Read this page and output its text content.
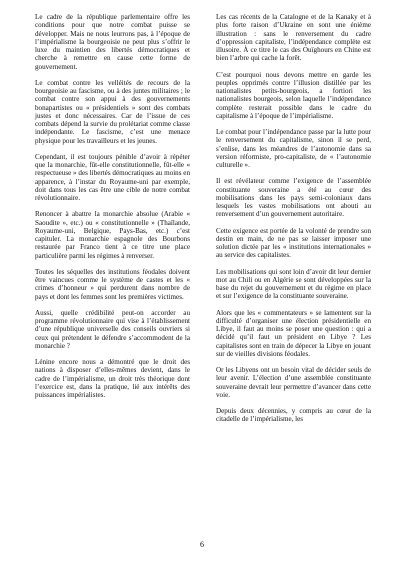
Le cadre de la république parlementaire offre les conditions pour que notre combat puisse se développer. Mais ne nous leurrons pas, à l’époque de l’impérialisme la bourgeoisie ne peut plus s’offrir le luxe du maintien des libertés démocratiques et cherche à remettre en cause cette forme de gouvernement.

Le combat contre les velléités de recours de la bourgeoisie au fascisme, ou à des juntes militaires ; le combat contre son appui à des gouvernements bonapartistes ou « présidentiels » sont des combats justes et donc nécessaires. Car de l’issue de ces combats dépend la survie du prolétariat comme classe indépendante. Le fascisme, c’est une menace physique pour les travailleurs et les jeunes.

Cependant, il est toujours pénible d’avoir à répéter que la monarchie, fût-elle constitutionnelle, fût-elle « respectueuse » des libertés démocratiques au moins en apparence, à l’instar du Royaume-uni par exemple, doit dans tous les cas être une cible de notre combat révolutionnaire.

Renoncer à abattre la monarchie absolue (Arabie « Saoudite », etc.) ou « constitutionnelle » (Thaïlande, Royaume-uni, Belgique, Pays-Bas, etc.) c’est capituler. La monarchie espagnole des Bourbons restaurée par Franco tient à ce titre une place particulière parmi les régimes à renverser.

Toutes les séquelles des institutions féodales doivent être vaincues comme le système de castes et les « crimes d’honneur » qui perdurent dans nombre de pays et dont les femmes sont les premières victimes.

Aussi, quelle crédibilité peut-on accorder au programme révolutionnaire qui vise à l’établissement d’une république universelle des conseils ouvriers si ceux qui prétendent le défendre s’accommodent de la monarchie ?

Lénine encore nous a démontré que le droit des nations à disposer d’elles-mêmes devient, dans le cadre de l’impérialisme, un droit très théorique dont l’exercice est, dans la pratique, lié aux intérêts des puissances impérialistes.

Les cas récents de la Catalogne et de la Kanaky et à plus forte raison d’Ukraine en sont une énième illustration : sans le renversement du cadre d’oppression capitaliste, l’indépendance complète est illusoire. À ce titre le cas des Ouïghours en Chine est bien l’arbre qui cache la forêt.

C’est pourquoi nous devons mettre en garde les peuples opprimés contre l’illusion distillée par les nationalistes petits-bourgeois, a fortiori les nationalistes bourgeois, selon laquelle l’indépendance complète resterait possible dans le cadre du capitalisme à l’époque de l’impérialisme.

Le combat pour l’indépendance passe par la lutte pour le renversement du capitalisme, sinon il se perd, s’enlise, dans les méandres de l’autonomie dans sa version réformiste, pro-capitaliste, de « l’autonomie culturelle ».

Il est révélateur comme l’exigence de l’assemblée constituante souveraine a été au cœur des mobilisations dans les pays semi-coloniaux dans lesquels les vastes mobilisations ont abouti au renversement d’un gouvernement autoritaire.

Cette exigence est portée de la volonté de prendre son destin en main, de ne pas se laisser imposer une solution dictée par les « institutions internationales » au service des capitalistes.

Les mobilisations qui sont loin d’avoir dit leur dernier mot au Chili ou en Algérie se sont développées sur la base du rejet du gouvernement et du régime en place et sur l’exigence de la constituante souveraine.

Alors que les « commentateurs » se lamentent sur la difficulté d’organiser une élection présidentielle en Libye, il faut au moins se poser une question : qui a décidé qu’il faut un président en Libye ? Les capitalistes sont en train de dépecer la Libye en jouant sur de vieilles divisions féodales.

Or les Libyens ont un besoin vital de décider seuls de leur avenir. L’élection d’une assemblée constituante souveraine devrait leur permettre d’avancer dans cette voie.

Depuis deux décennies, y compris au cœur de la citadelle de l’impérialisme, les

6
